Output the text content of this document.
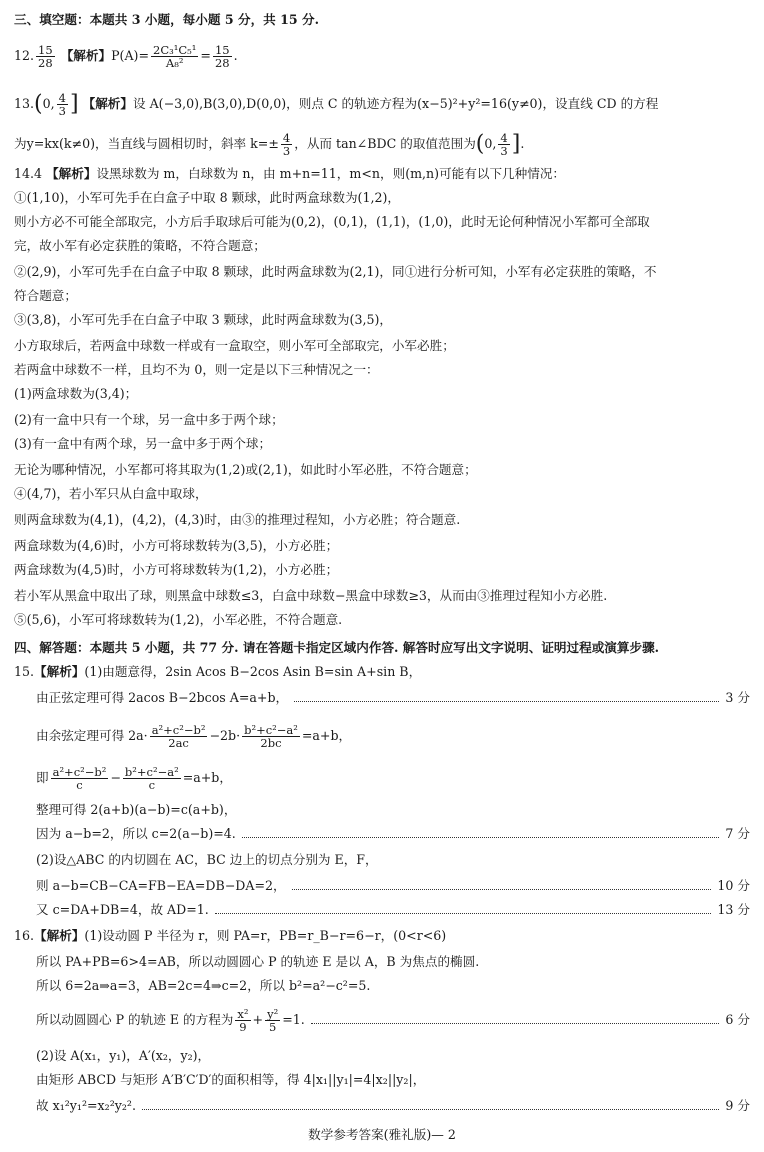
三、填空题：本题共 3 小题，每小题 5 分，共 15 分.
12. $\frac{15}{28}$ 【解析】$P(A)= \frac{\text{2C₃¹C₅¹}}{\text{A₈²}} = \frac{15}{28}$ .
13.(0, $\frac{4}{3}$ ] 【解析】设 A(−3,0),B(3,0),D(0,0)，则点 C 的轨迹方程为(x−5)²+y²=16(y≠0)，设直线 CD 的方程
为y=kx(k≠0)，当直线与圆相切时，斜率 $k=\pm \frac{4}{3}$ ，从而 tan∠BDC 的取值范围为(0, $\frac{4}{3}$ ].
14.4 【解析】设黑球数为 m，白球数为 n，由 m+n=11，m<n，则(m,n)可能有以下几种情况：
①(1,10)，小军可先手在白盒子中取 8 颗球，此时两盒球数为(1,2)，
则小方必不可能全部取完，小方后手取球后可能为(0,2)，(0,1)，(1,1)，(1,0)，此时无论何种情况小军都可全部取
完，故小军有必定获胜的策略，不符合题意；
②(2,9)，小军可先手在白盒子中取 8 颗球，此时两盒球数为(2,1)，同①进行分析可知，小军有必定获胜的策略，不
符合题意；
③(3,8)，小军可先手在白盒子中取 3 颗球，此时两盒球数为(3,5)，
小方取球后，若两盒中球数一样或有一盒取空，则小军可全部取完，小军必胜；
若两盒中球数不一样，且均不为 0，则一定是以下三种情况之一：
(1)两盒球数为(3,4)；
(2)有一盒中只有一个球，另一盒中多于两个球；
(3)有一盒中有两个球，另一盒中多于两个球；
无论为哪种情况，小军都可将其取为(1,2)或(2,1)，如此时小军必胜，不符合题意；
④(4,7)，若小军只从白盒中取球，
则两盒球数为(4,1)，(4,2)，(4,3)时，由③的推理过程知，小方必胜；符合题意.
两盒球数为(4,6)时，小方可将球数转为(3,5)，小方必胜；
两盒球数为(4,5)时，小方可将球数转为(1,2)，小方必胜；
若小军从黑盒中取出了球，则黑盒中球数≤3，白盒中球数−黑盒中球数≥3，从而由③推理过程知小方必胜.
⑤(5,6)，小军可将球数转为(1,2)，小军必胜，不符合题意.
四、解答题：本题共 5 小题，共 77 分. 请在答题卡指定区域内作答. 解答时应写出文字说明、证明过程或演算步骤.
15.【解析】(1)由题意得，2sin Acos B−2cos Asin B=sin A+sin B，
由正弦定理可得 2acos B−2bcos A=a+b，	3 分
由余弦定理可得 $2a\cdot \frac{\text{a²+c²−b²}}{2ac} -2b\cdot \frac{\text{b²+c²−a²}}{2bc} =a+b$，
即 $\frac{\text{a²+c²−b²}}{c} - \frac{\text{b²+c²−a²}}{c} =a+b$，
整理可得 2(a+b)(a−b)=c(a+b)，
因为 a−b=2，所以 c=2(a−b)=4.	7 分
(2)设△ABC 的内切圆在 AC，BC 边上的切点分别为 E，F，
则 a−b=CB−CA=FB−EA=DB−DA=2，	10 分
又 c=DA+DB=4，故 AD=1.	13 分
16.【解析】(1)设动圆 P 半径为 r，则 PA=r，PB=r_B−r=6−r，(0<r<6)
所以 PA+PB=6>4=AB，所以动圆圆心 P 的轨迹 E 是以 A，B 为焦点的椭圆.
所以 6=2a⇒a=3，AB=2c=4⇒c=2，所以 b²=a²−c²=5.
所以动圆圆心 P 的轨迹 E 的方程为 $\frac{\text{x²}}{9} + \frac{\text{y²}}{5} =1$.	6 分
(2)设 A(x₁，y₁)，A′(x₂，y₂)，
由矩形 ABCD 与矩形 A′B′C′D′的面积相等，得 4|x₁||y₁|=4|x₂||y₂|，
故 x₁²y₁²=x₂²y₂².	9 分
数学参考答案(雅礼版)— 2
